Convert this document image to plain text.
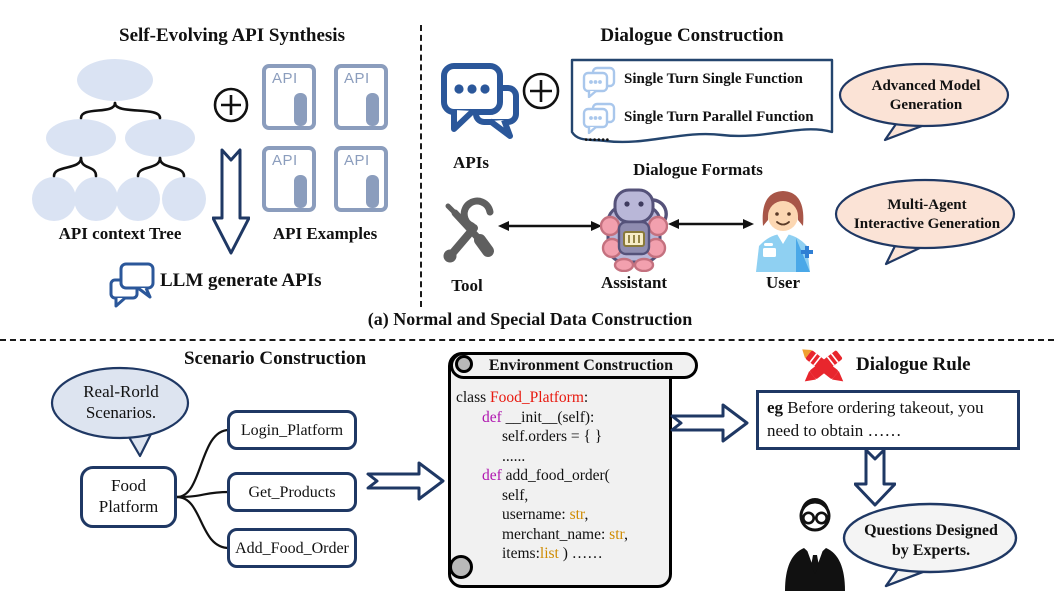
Self-Evolving API Synthesis
API context Tree
API	API
API	API
API Examples
LLM generate APIs
Dialogue Construction
APIs
Single Turn Single Function
Single Turn Parallel Function
......
Dialogue Formats
Advanced Model
Generation
Multi-Agent
Interactive Generation
Tool	Assistant	User
(a) Normal and Special Data Construction
Scenario Construction
Real-Rorld
Scenarios.
Food
Platform
Login_Platform
Get_Products
Add_Food_Order
Environment Construction
class Food_Platform:
def __init__(self):
self.orders = { }
......
def add_food_order(
self,
username: str,
merchant_name: str,
items:list ) ……
Dialogue Rule
eg Before ordering takeout, you
need to obtain ……
Questions Designed
by Experts.
